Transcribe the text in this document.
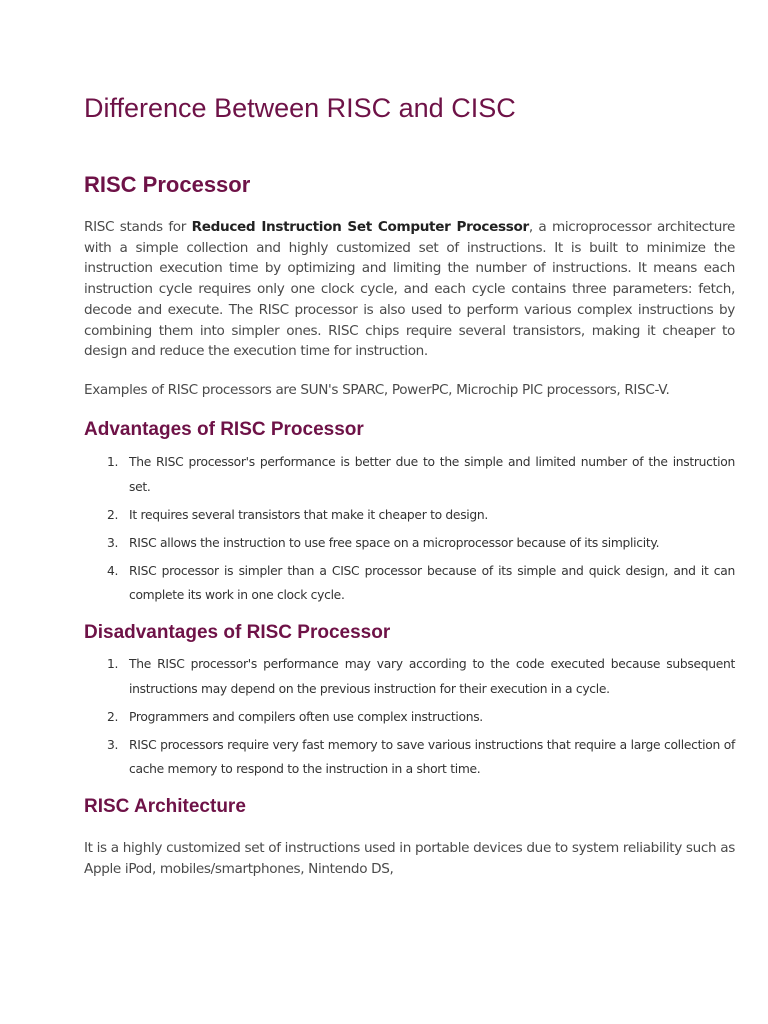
Difference Between RISC and CISC
RISC Processor

RISC stands for Reduced Instruction Set Computer Processor, a microprocessor architecture with a simple collection and highly customized set of instructions. It is built to minimize the instruction execution time by optimizing and limiting the number of instructions. It means each instruction cycle requires only one clock cycle, and each cycle contains three parameters: fetch, decode and execute. The RISC processor is also used to perform various complex instructions by combining them into simpler ones. RISC chips require several transistors, making it cheaper to design and reduce the execution time for instruction.

Examples of RISC processors are SUN's SPARC, PowerPC, Microchip PIC processors, RISC-V.

Advantages of RISC Processor
1. The RISC processor's performance is better due to the simple and limited number of the instruction set.
2. It requires several transistors that make it cheaper to design.
3. RISC allows the instruction to use free space on a microprocessor because of its simplicity.
4. RISC processor is simpler than a CISC processor because of its simple and quick design, and it can complete its work in one clock cycle.
Disadvantages of RISC Processor
1. The RISC processor's performance may vary according to the code executed because subsequent instructions may depend on the previous instruction for their execution in a cycle.
2. Programmers and compilers often use complex instructions.
3. RISC processors require very fast memory to save various instructions that require a large collection of cache memory to respond to the instruction in a short time.
RISC Architecture

It is a highly customized set of instructions used in portable devices due to system reliability such as Apple iPod, mobiles/smartphones, Nintendo DS,
